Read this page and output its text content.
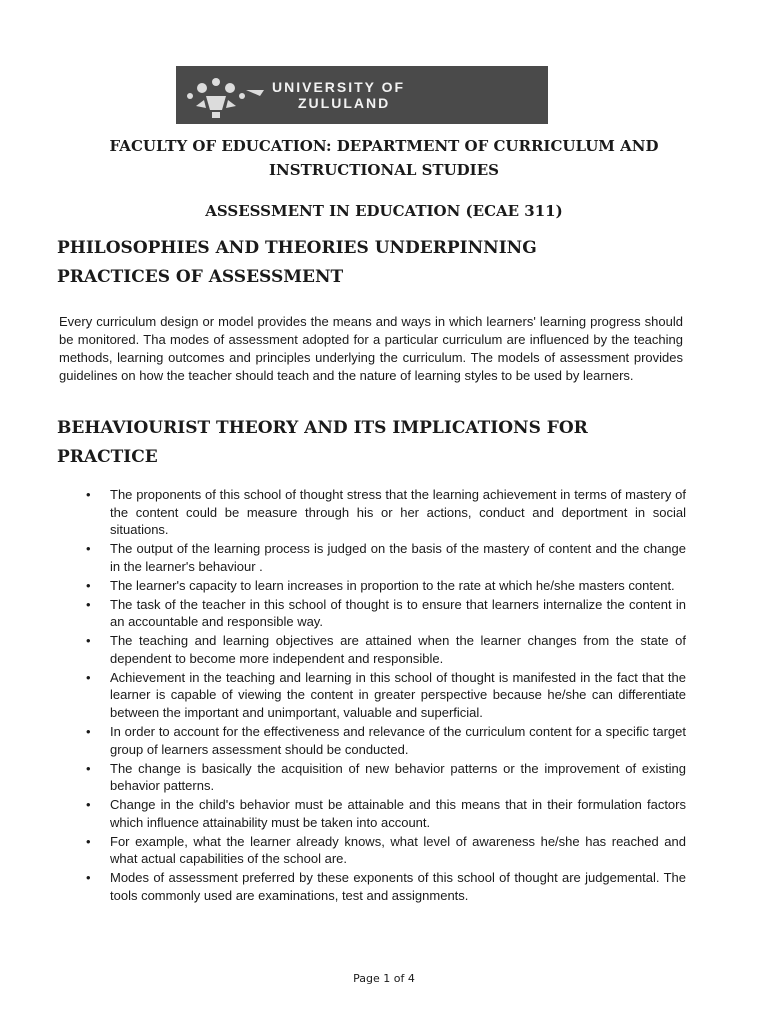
UNIVERSITY OF
ZULULAND
FACULTY OF EDUCATION: DEPARTMENT OF CURRICULUM AND
INSTRUCTIONAL STUDIES
ASSESSMENT IN EDUCATION (ECAE 311)
PHILOSOPHIES AND THEORIES UNDERPINNING
PRACTICES OF ASSESSMENT

Every curriculum design or model provides the means and ways in which learners' learning progress should be monitored. Tha modes of assessment adopted for a particular curriculum are influenced by the teaching methods, learning outcomes and principles underlying the curriculum. The models of assessment provides guidelines on how the teacher should teach and the nature of learning styles to be used by learners.

BEHAVIOURIST THEORY AND ITS IMPLICATIONS FOR
PRACTICE
•	The proponents of this school of thought stress that the learning achievement in terms of mastery of the content could be measure through his or her actions, conduct and deportment in social situations.
•	The output of the learning process is judged on the basis of the mastery of content and the change in the learner's behaviour .
•	The learner's capacity to learn increases in proportion to the rate at which he/she masters content.
•	The task of the teacher in this school of thought is to ensure that learners internalize the content in an accountable and responsible way.
•	The teaching and learning objectives are attained when the learner changes from the state of dependent to become more independent and responsible.
•	Achievement in the teaching and learning in this school of thought is manifested in the fact that the learner is capable of viewing the content in greater perspective because he/she can differentiate between the important and unimportant, valuable and superficial.
•	In order to account for the effectiveness and relevance of the curriculum content for a specific target group of learners assessment should be conducted.
•	The change is basically the acquisition of new behavior patterns or the improvement of existing behavior patterns.
•	Change in the child's behavior must be attainable and this means that in their formulation factors which influence attainability must be taken into account.
•	For example, what the learner already knows, what level of awareness he/she has reached and what actual capabilities of the school are.
•	Modes of assessment preferred by these exponents of this school of thought are judgemental. The tools commonly used are examinations, test and assignments.
Page 1 of 4
